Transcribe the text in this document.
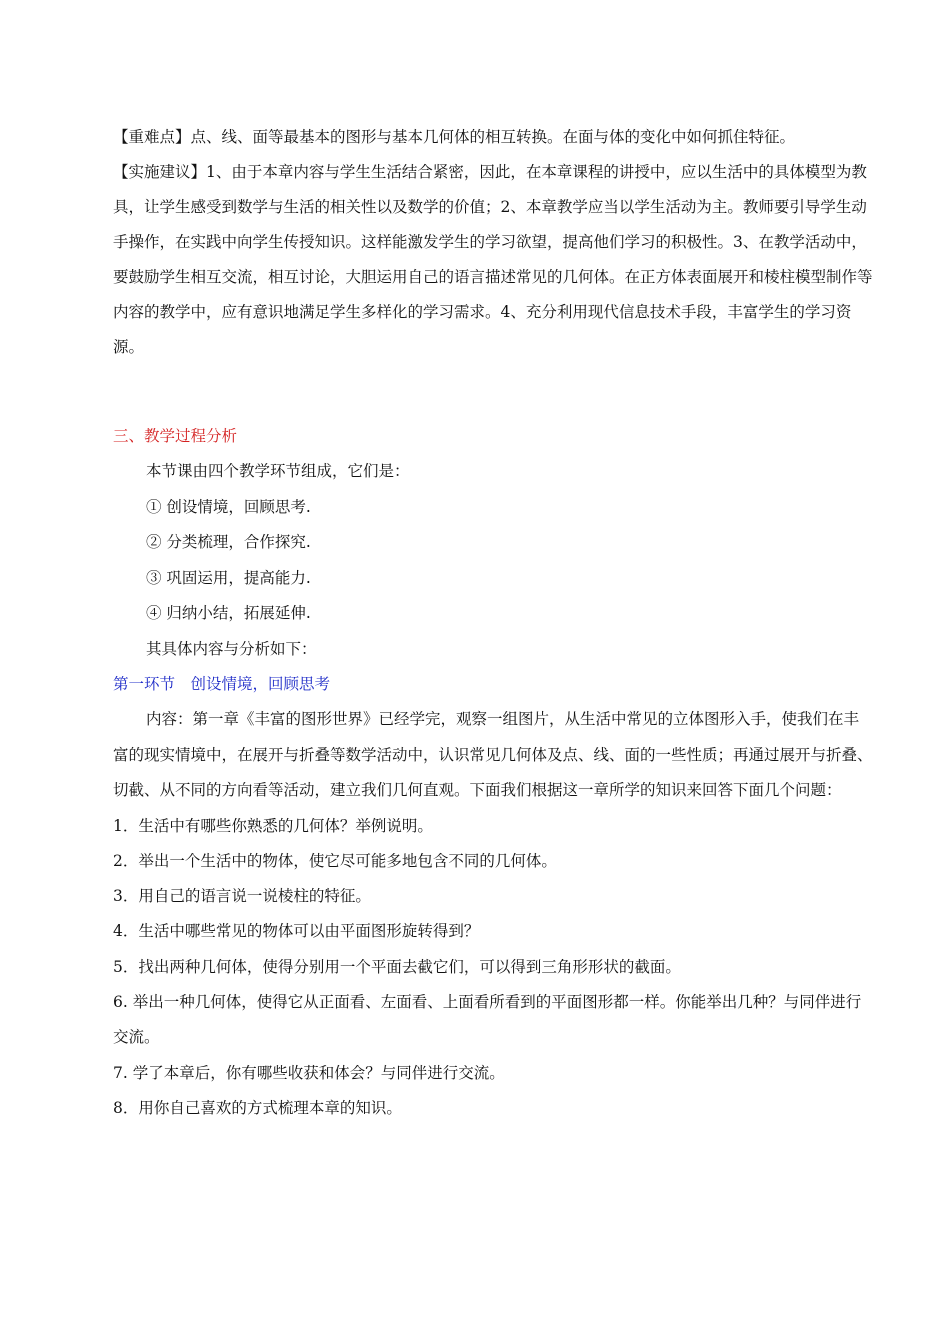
【重难点】点、线、面等最基本的图形与基本几何体的相互转换。在面与体的变化中如何抓住特征。

【实施建议】1、由于本章内容与学生生活结合紧密，因此，在本章课程的讲授中，应以生活中的具体模型为教具，让学生感受到数学与生活的相关性以及数学的价值；2、本章教学应当以学生活动为主。教师要引导学生动手操作，在实践中向学生传授知识。这样能激发学生的学习欲望，提高他们学习的积极性。3、在教学活动中，要鼓励学生相互交流，相互讨论，大胆运用自己的语言描述常见的几何体。在正方体表面展开和棱柱模型制作等内容的教学中，应有意识地满足学生多样化的学习需求。4、充分利用现代信息技术手段，丰富学生的学习资源。

三、教学过程分析

本节课由四个教学环节组成，它们是：

① 创设情境，回顾思考.

② 分类梳理，合作探究.

③ 巩固运用，提高能力.

④ 归纳小结，拓展延伸.

其具体内容与分析如下：

第一环节　创设情境，回顾思考

内容：第一章《丰富的图形世界》已经学完，观察一组图片，从生活中常见的立体图形入手，使我们在丰富的现实情境中，在展开与折叠等数学活动中，认识常见几何体及点、线、面的一些性质；再通过展开与折叠、切截、从不同的方向看等活动，建立我们几何直观。下面我们根据这一章所学的知识来回答下面几个问题：

1．生活中有哪些你熟悉的几何体？举例说明。

2．举出一个生活中的物体，使它尽可能多地包含不同的几何体。

3．用自己的语言说一说棱柱的特征。

4．生活中哪些常见的物体可以由平面图形旋转得到？

5．找出两种几何体，使得分别用一个平面去截它们，可以得到三角形形状的截面。

6. 举出一种几何体，使得它从正面看、左面看、上面看所看到的平面图形都一样。你能举出几种？与同伴进行交流。

7. 学了本章后，你有哪些收获和体会？与同伴进行交流。

8．用你自己喜欢的方式梳理本章的知识。
